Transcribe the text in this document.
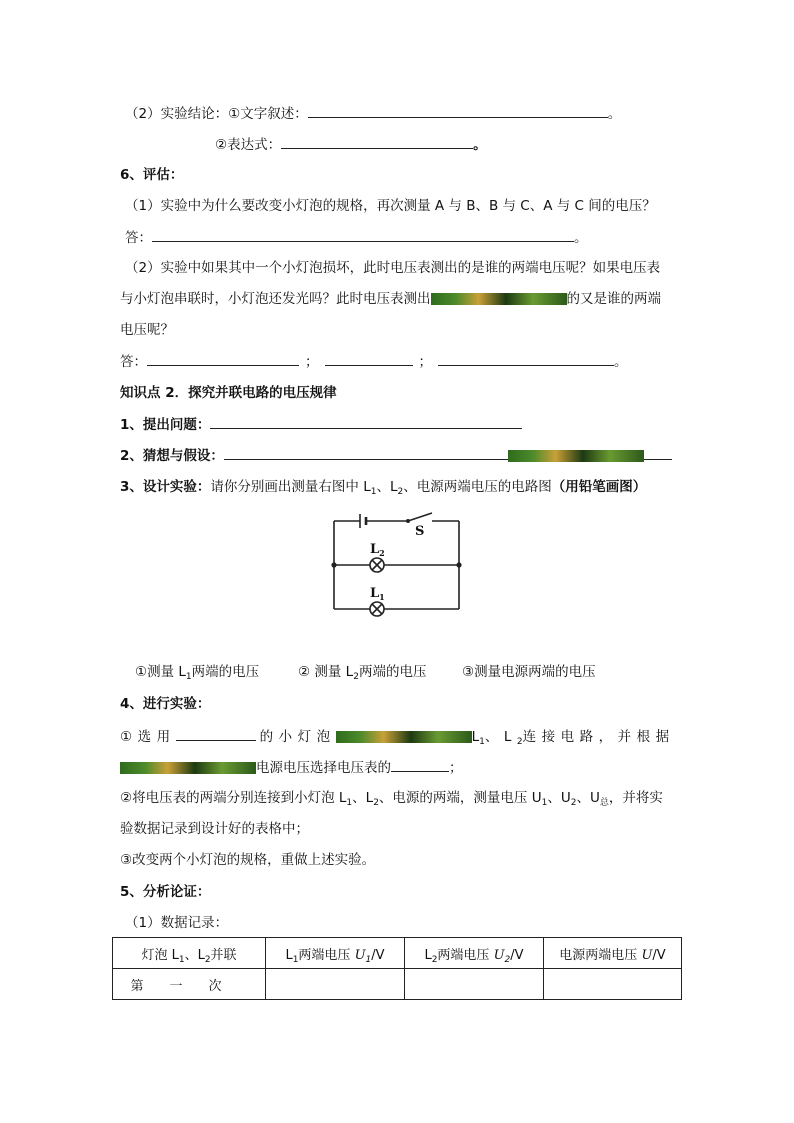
（2）实验结论：①文字叙述：	。
②表达式：	。
6、评估：
（1）实验中为什么要改变小灯泡的规格，再次测量 A 与 B、B 与 C、A 与 C 间的电压？
答：	。
（2）实验中如果其中一个小灯泡损坏，此时电压表测出的是谁的两端电压呢？如果电压表
与小灯泡串联时，小灯泡还发光吗？此时电压表测出	的又是谁的两端
电压呢？
答：	；	；	。
知识点 2．探究并联电路的电压规律
1、提出问题：
2、猜想与假设：
3、设计实验：请你分别画出测量右图中 $L_1$、$L_2$、电源两端电压的电路图（用铅笔画图）
S
$L_2$
$L_1$
①测量 $L_1$两端的电压	② 测量 $L_2$两端的电压	③测量电源两端的电压
4、进行实验：
①选用	的小灯泡	$L_1$、$L_2$连接电路，并根据
电源电压选择电压表的	；
②将电压表的两端分别连接到小灯泡 $L_1$、$L_2$、电源的两端，测量电压 $U_1$、$U_2$、$U_总$，并将实
验数据记录到设计好的表格中；
③改变两个小灯泡的规格，重做上述实验。
5、分析论证：
（1）数据记录：
灯泡 $L_1$、$L_2$并联	$L_1$两端电压 $U_1/V$	$L_2$两端电压 $U_2/V$	电源两端电压 U/V
第一次			
